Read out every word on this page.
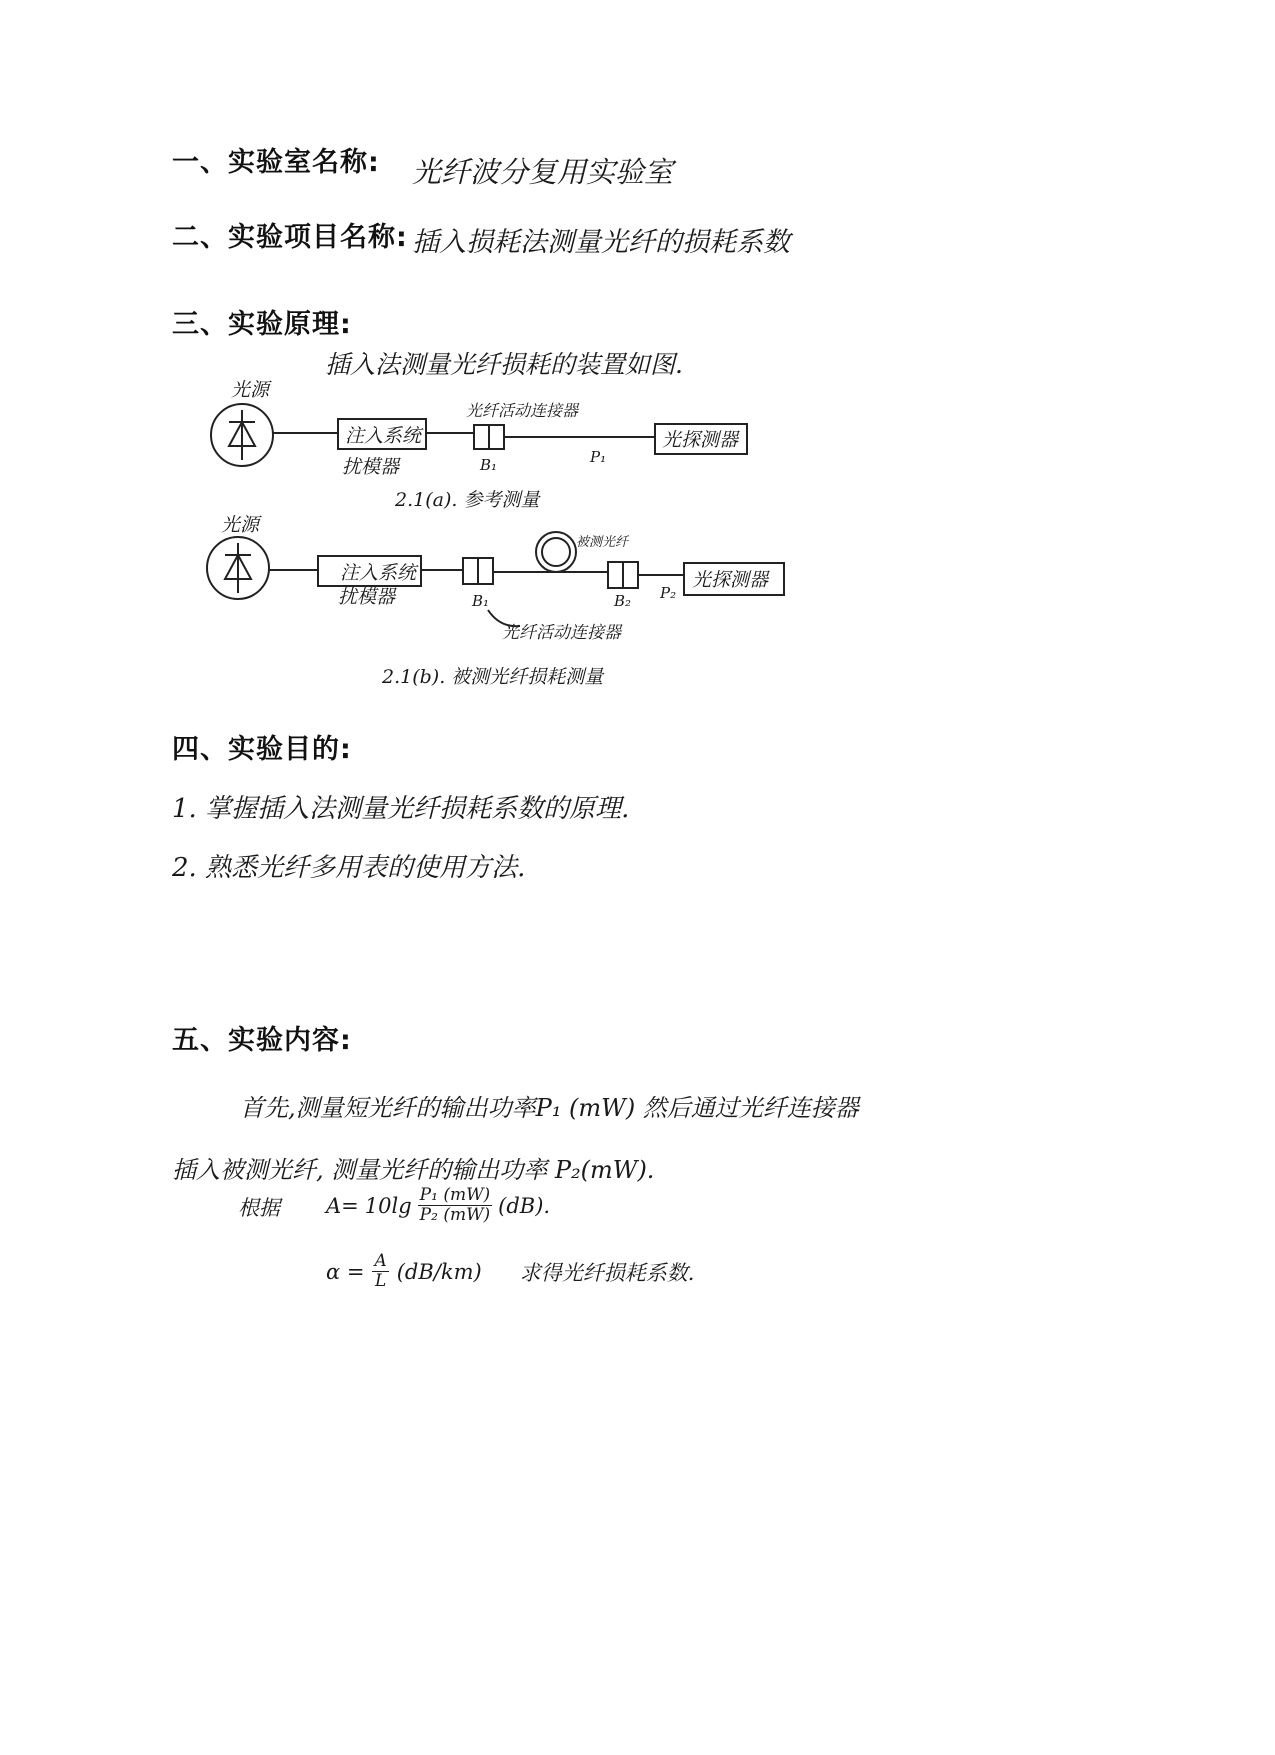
一、实验室名称: 光纤波分复用实验室
二、实验项目名称: 插入损耗法测量光纤的损耗系数
三、实验原理:
插入法测量光纤损耗的装置如图.
光源
注入系统
扰模器
光纤活动连接器
B₁	P₁
光探测器
2.1(a). 参考测量
光源
注入系统
扰模器
被测光纤
B₁	B₂ P₂
光探测器
光纤活动连接器
2.1(b). 被测光纤损耗测量
四、实验目的:
1. 掌握插入法测量光纤损耗系数的原理.
2. 熟悉光纤多用表的使用方法.
五、实验内容:
首先,测量短光纤的输出功率P₁ (mW) 然后通过光纤连接器
插入被测光纤, 测量光纤的输出功率 P₂(mW).
根据 $A= 10\lg \frac{\text{P₁ (mW)}}{\text{P₂ (mW)}} (dB)$.
$\alpha = \frac{A}{L} (dB/km)$ 求得光纤损耗系数.
